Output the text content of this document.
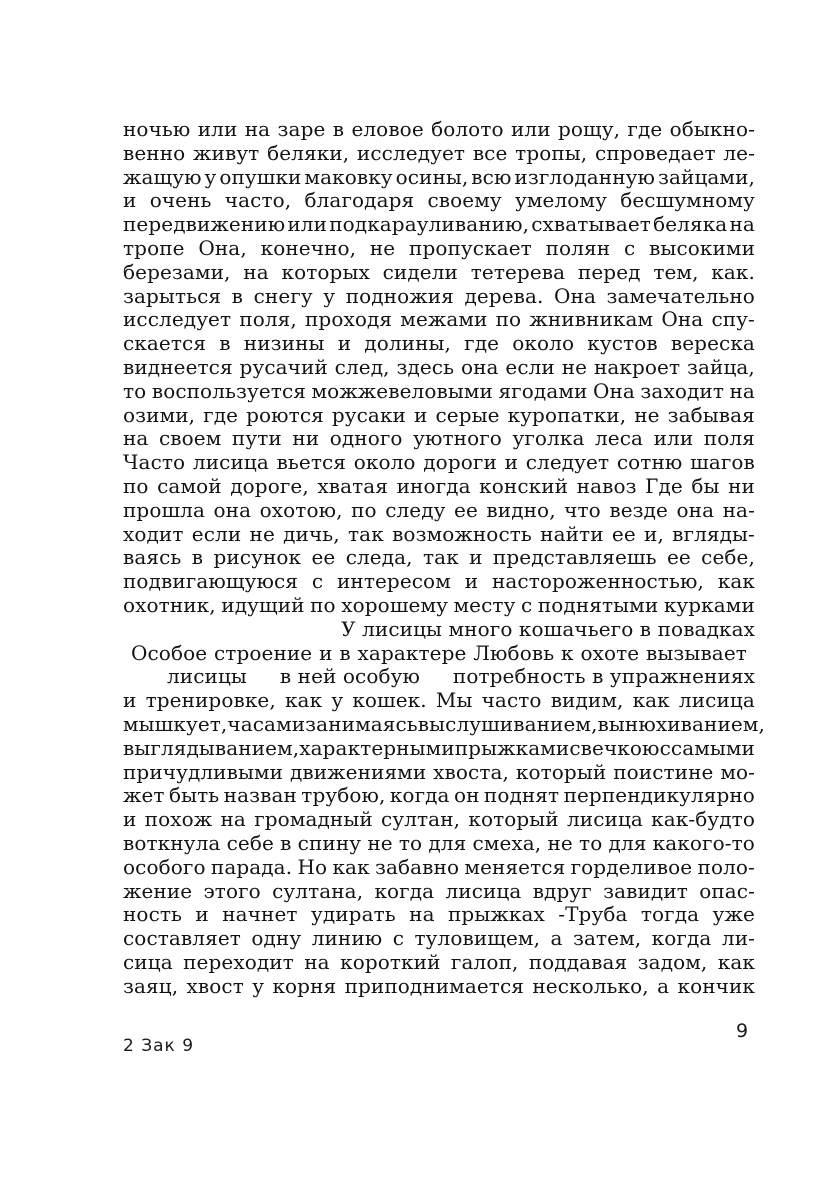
ночью или на заре в еловое болото или рощу, где обыкно-
венно живут беляки, исследует все тропы, спроведает ле-
жащую у опушки маковку осины, всю изглоданную зайцами,
и очень часто, благодаря своему умелому бесшумному
передвижению или подкарауливанию, схватывает беляка на
тропе Она, конечно, не пропускает полян с высокими
березами, на которых сидели тетерева перед тем, как.
зарыться в снегу у подножия дерева. Она замечательно
исследует поля, проходя межами по жнивникам Она спу-
скается в низины и долины, где около кустов вереска
виднеется русачий след, здесь она если не накроет зайца,
то воспользуется можжевеловыми ягодами Она заходит на
озими, где роются русаки и серые куропатки, не забывая
на своем пути ни одного уютного уголка леса или поля
Часто лисица вьется около дороги и следует сотню шагов
по самой дороге, хватая иногда конский навоз Где бы ни
прошла она охотою, по следу ее видно, что везде она на-
ходит если не дичь, так возможность найти ее и, вгляды-
ваясь в рисунок ее следа, так и представляешь ее себе,
подвигающуюся с интересом и настороженностью, как
охотник, идущий по хорошему месту с поднятыми курками
У лисицы много кошачьего в повадках
Особое строение и в характере Любовь к охоте вызывает
лисицы в ней особую потребность в упражнениях
и тренировке, как у кошек. Мы часто видим, как лисица
мышкует, часами занимаясь выслушиванием, вынюхиванием,
выглядыванием, характерными прыжками свечкою с самыми
причудливыми движениями хвоста, который поистине мо-
жет быть назван трубою, когда он поднят перпендикулярно
и похож на громадный султан, который лисица как-будто
воткнула себе в спину не то для смеха, не то для какого-то
особого парада. Но как забавно меняется горделивое поло-
жение этого султана, когда лисица вдруг завидит опас-
ность и начнет удирать на прыжках -Труба тогда уже
составляет одну линию с туловищем, а затем, когда ли-
сица переходит на короткий галоп, поддавая задом, как
заяц, хвост у корня приподнимается несколько, а кончик
2 Зак 9
9
